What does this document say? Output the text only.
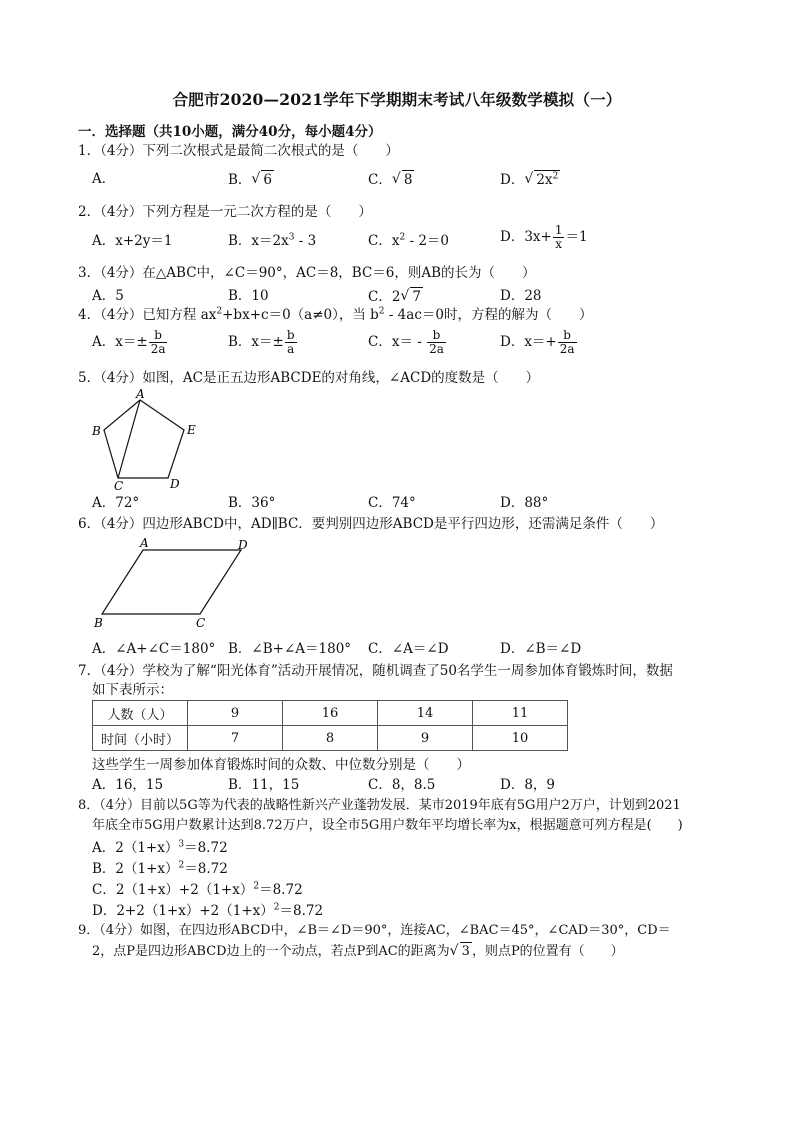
合肥市2020—2021学年下学期期末考试八年级数学模拟（一）
一．选择题（共10小题，满分40分，每小题4分）
1．（4分）下列二次根式是最简二次根式的是（　　）
A．	B． √ 6	C． √ 8	D． √ $2x^2$
2．（4分）下列方程是一元二次方程的是（　　）
A．x+2y＝1	B．$x=2x^3 - 3$	C．$x^2 - 2=0$	D．$3x+ \frac{1}{x} =1$
3．（4分）在△ABC中，∠C＝90°，AC＝8，BC＝6，则AB的长为（　　）
A．5	B．10	C．2 √ 7	D．28
4．（4分）已知方程 $ax^2+bx+c=0(a\ne 0)$，当 $b^2 - 4ac=0$时，方程的解为（　　）
A．$x=\pm \frac{b}{2a}$	B．$x=\pm \frac{b}{a}$	C．$x= - \frac{b}{2a}$	D．$x=+ \frac{b}{2a}$
5．（4分）如图，AC是正五边形ABCDE的对角线，∠ACD的度数是（　　）
A
B
C	D
E
A．72°	B．36°	C．74°	D．88°
6．（4分）四边形ABCD中，AD∥BC．要判别四边形ABCD是平行四边形，还需满足条件（　　）
A	D
B	C
A．∠A+∠C＝180° B．∠B+∠A＝180° C．∠A＝∠D	D．∠B＝∠D
7．（4分）学校为了解“阳光体育”活动开展情况，随机调查了50名学生一周参加体育锻炼时间，数据
如下表所示：
人数（人）	9	16	14	11
时间（小时）	7	8	9	10
这些学生一周参加体育锻炼时间的众数、中位数分别是（　　）
A．16，15	B．11，15	C．8，8.5	D．8，9
8．（4分）目前以5G等为代表的战略性新兴产业蓬勃发展．某市2019年底有5G用户2万户，计划到2021
年底全市5G用户数累计达到8.72万户，设全市5G用户数年平均增长率为x，根据题意可列方程是(　　)
A．$2(1+x)^3=8.72$
B．$2(1+x)^2=8.72$
C．$2(1+x)+2(1+x)^2=8.72$
D．$2+2(1+x)+2(1+x)^2=8.72$
9．（4分）如图，在四边形ABCD中，∠B＝∠D＝90°，连接AC，∠BAC＝45°，∠CAD＝30°，CD＝
2，点P是四边形ABCD边上的一个动点，若点P到AC的距离为 √ 3 ，则点P的位置有（　　）
